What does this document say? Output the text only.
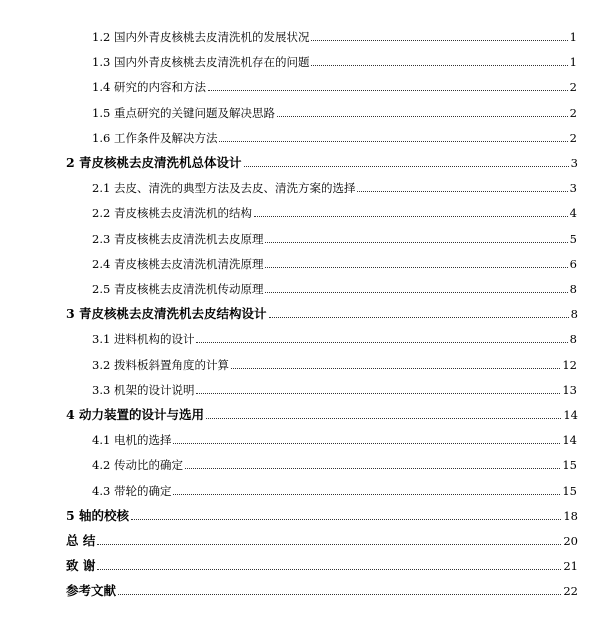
1.2 国内外青皮核桃去皮清洗机的发展状况	1
1.3 国内外青皮核桃去皮清洗机存在的问题	1
1.4 研究的内容和方法	2
1.5 重点研究的关键问题及解决思路	2
1.6 工作条件及解决方法	2
2 青皮核桃去皮清洗机总体设计	3
2.1 去皮、清洗的典型方法及去皮、清洗方案的选择	3
2.2 青皮核桃去皮清洗机的结构	4
2.3 青皮核桃去皮清洗机去皮原理	5
2.4 青皮核桃去皮清洗机清洗原理	6
2.5 青皮核桃去皮清洗机传动原理	8
3 青皮核桃去皮清洗机去皮结构设计	8
3.1 进料机构的设计	8
3.2 拨料板斜置角度的计算	12
3.3 机架的设计说明	13
4 动力装置的设计与选用	14
4.1 电机的选择	14
4.2 传动比的确定	15
4.3 带轮的确定	15
5 轴的校核	18
总 结	20
致 谢	21
参考文献	22
